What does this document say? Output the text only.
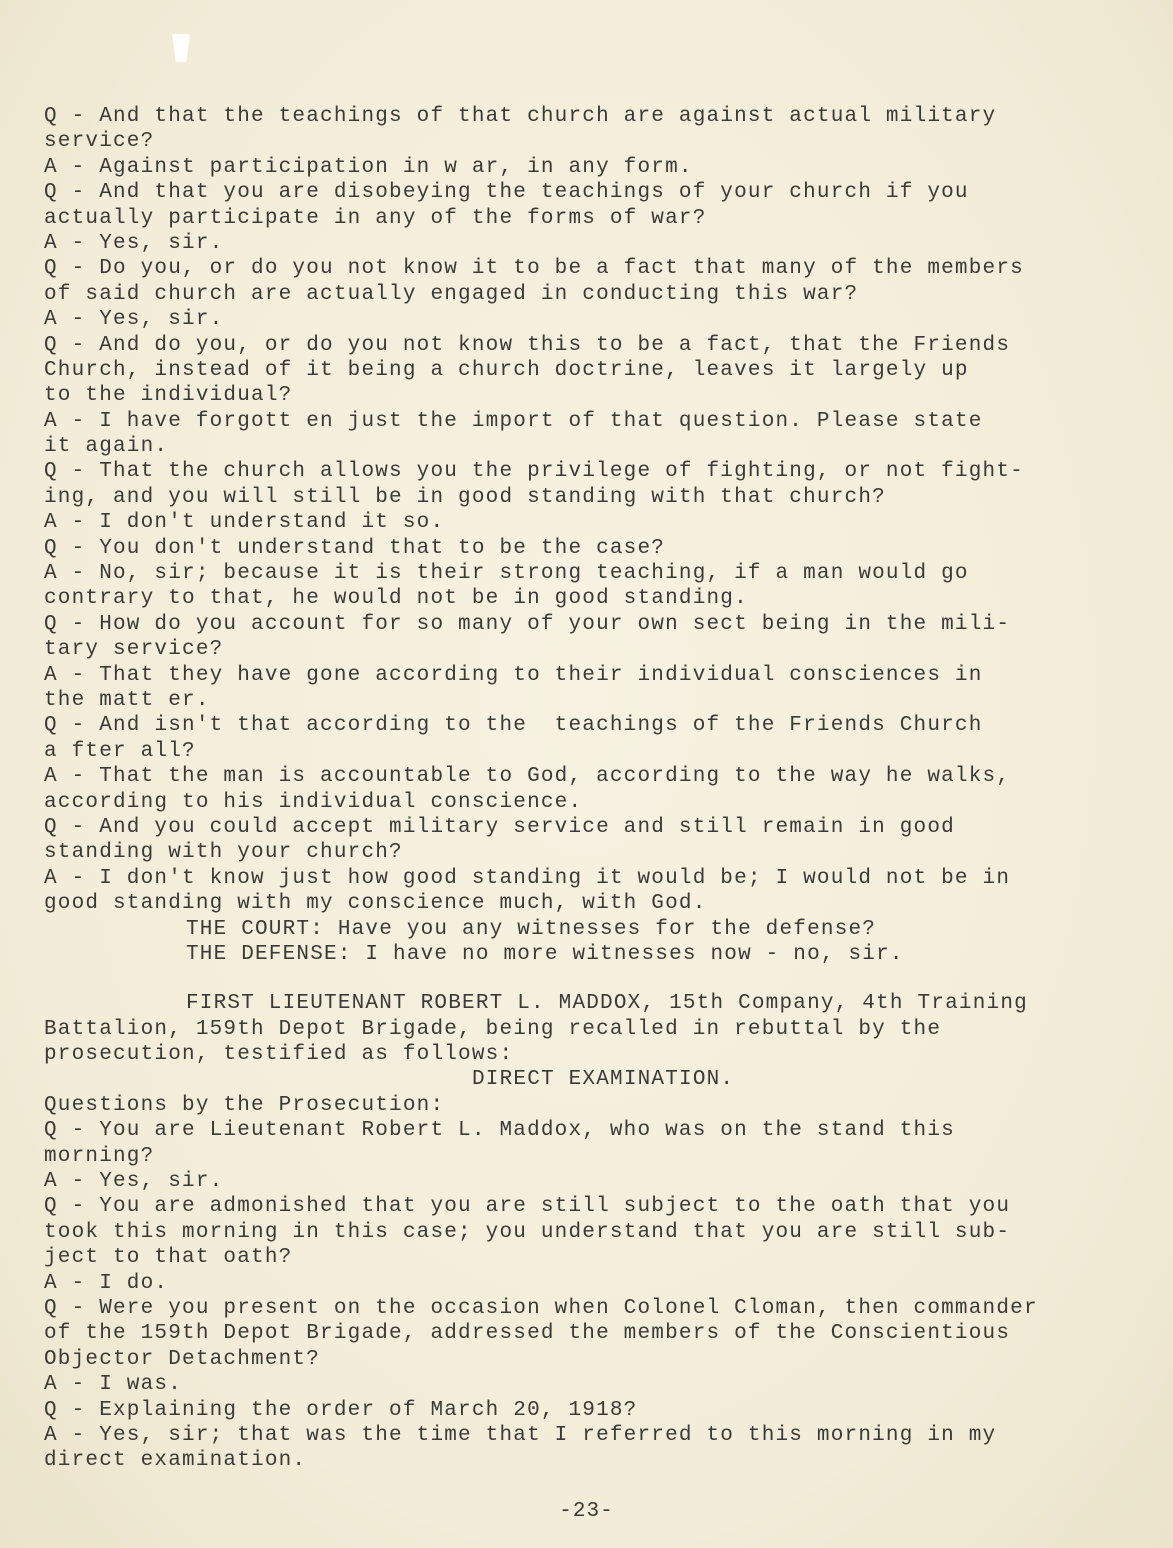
Q - And that the teachings of that church are against actual military
service?
A - Against participation in w ar, in any form.
Q - And that you are disobeying the teachings of your church if you
actually participate in any of the forms of war?
A - Yes, sir.
Q - Do you, or do you not know it to be a fact that many of the members
of said church are actually engaged in conducting this war?
A - Yes, sir.
Q - And do you, or do you not know this to be a fact, that the Friends
Church, instead of it being a church doctrine, leaves it largely up
to the individual?
A - I have forgott en just the import of that question. Please state
it again.
Q - That the church allows you the privilege of fighting, or not fight-
ing, and you will still be in good standing with that church?
A - I don't understand it so.
Q - You don't understand that to be the case?
A - No, sir; because it is their strong teaching, if a man would go
contrary to that, he would not be in good standing.
Q - How do you account for so many of your own sect being in the mili-
tary service?
A - That they have gone according to their individual consciences in
the matt er.
Q - And isn't that according to the  teachings of the Friends Church
a fter all?
A - That the man is accountable to God, according to the way he walks,
according to his individual conscience.
Q - And you could accept military service and still remain in good
standing with your church?
A - I don't know just how good standing it would be; I would not be in
good standing with my conscience much, with God.
THE COURT: Have you any witnesses for the defense?
THE DEFENSE: I have no more witnesses now - no, sir.
FIRST LIEUTENANT ROBERT L. MADDOX, 15th Company, 4th Training
Battalion, 159th Depot Brigade, being recalled in rebuttal by the
prosecution, testified as follows:
DIRECT EXAMINATION.
Questions by the Prosecution:
Q - You are Lieutenant Robert L. Maddox, who was on the stand this
morning?
A - Yes, sir.
Q - You are admonished that you are still subject to the oath that you
took this morning in this case; you understand that you are still sub-
ject to that oath?
A - I do.
Q - Were you present on the occasion when Colonel Cloman, then commander
of the 159th Depot Brigade, addressed the members of the Conscientious
Objector Detachment?
A - I was.
Q - Explaining the order of March 20, 1918?
A - Yes, sir; that was the time that I referred to this morning in my
direct examination.
-23-
